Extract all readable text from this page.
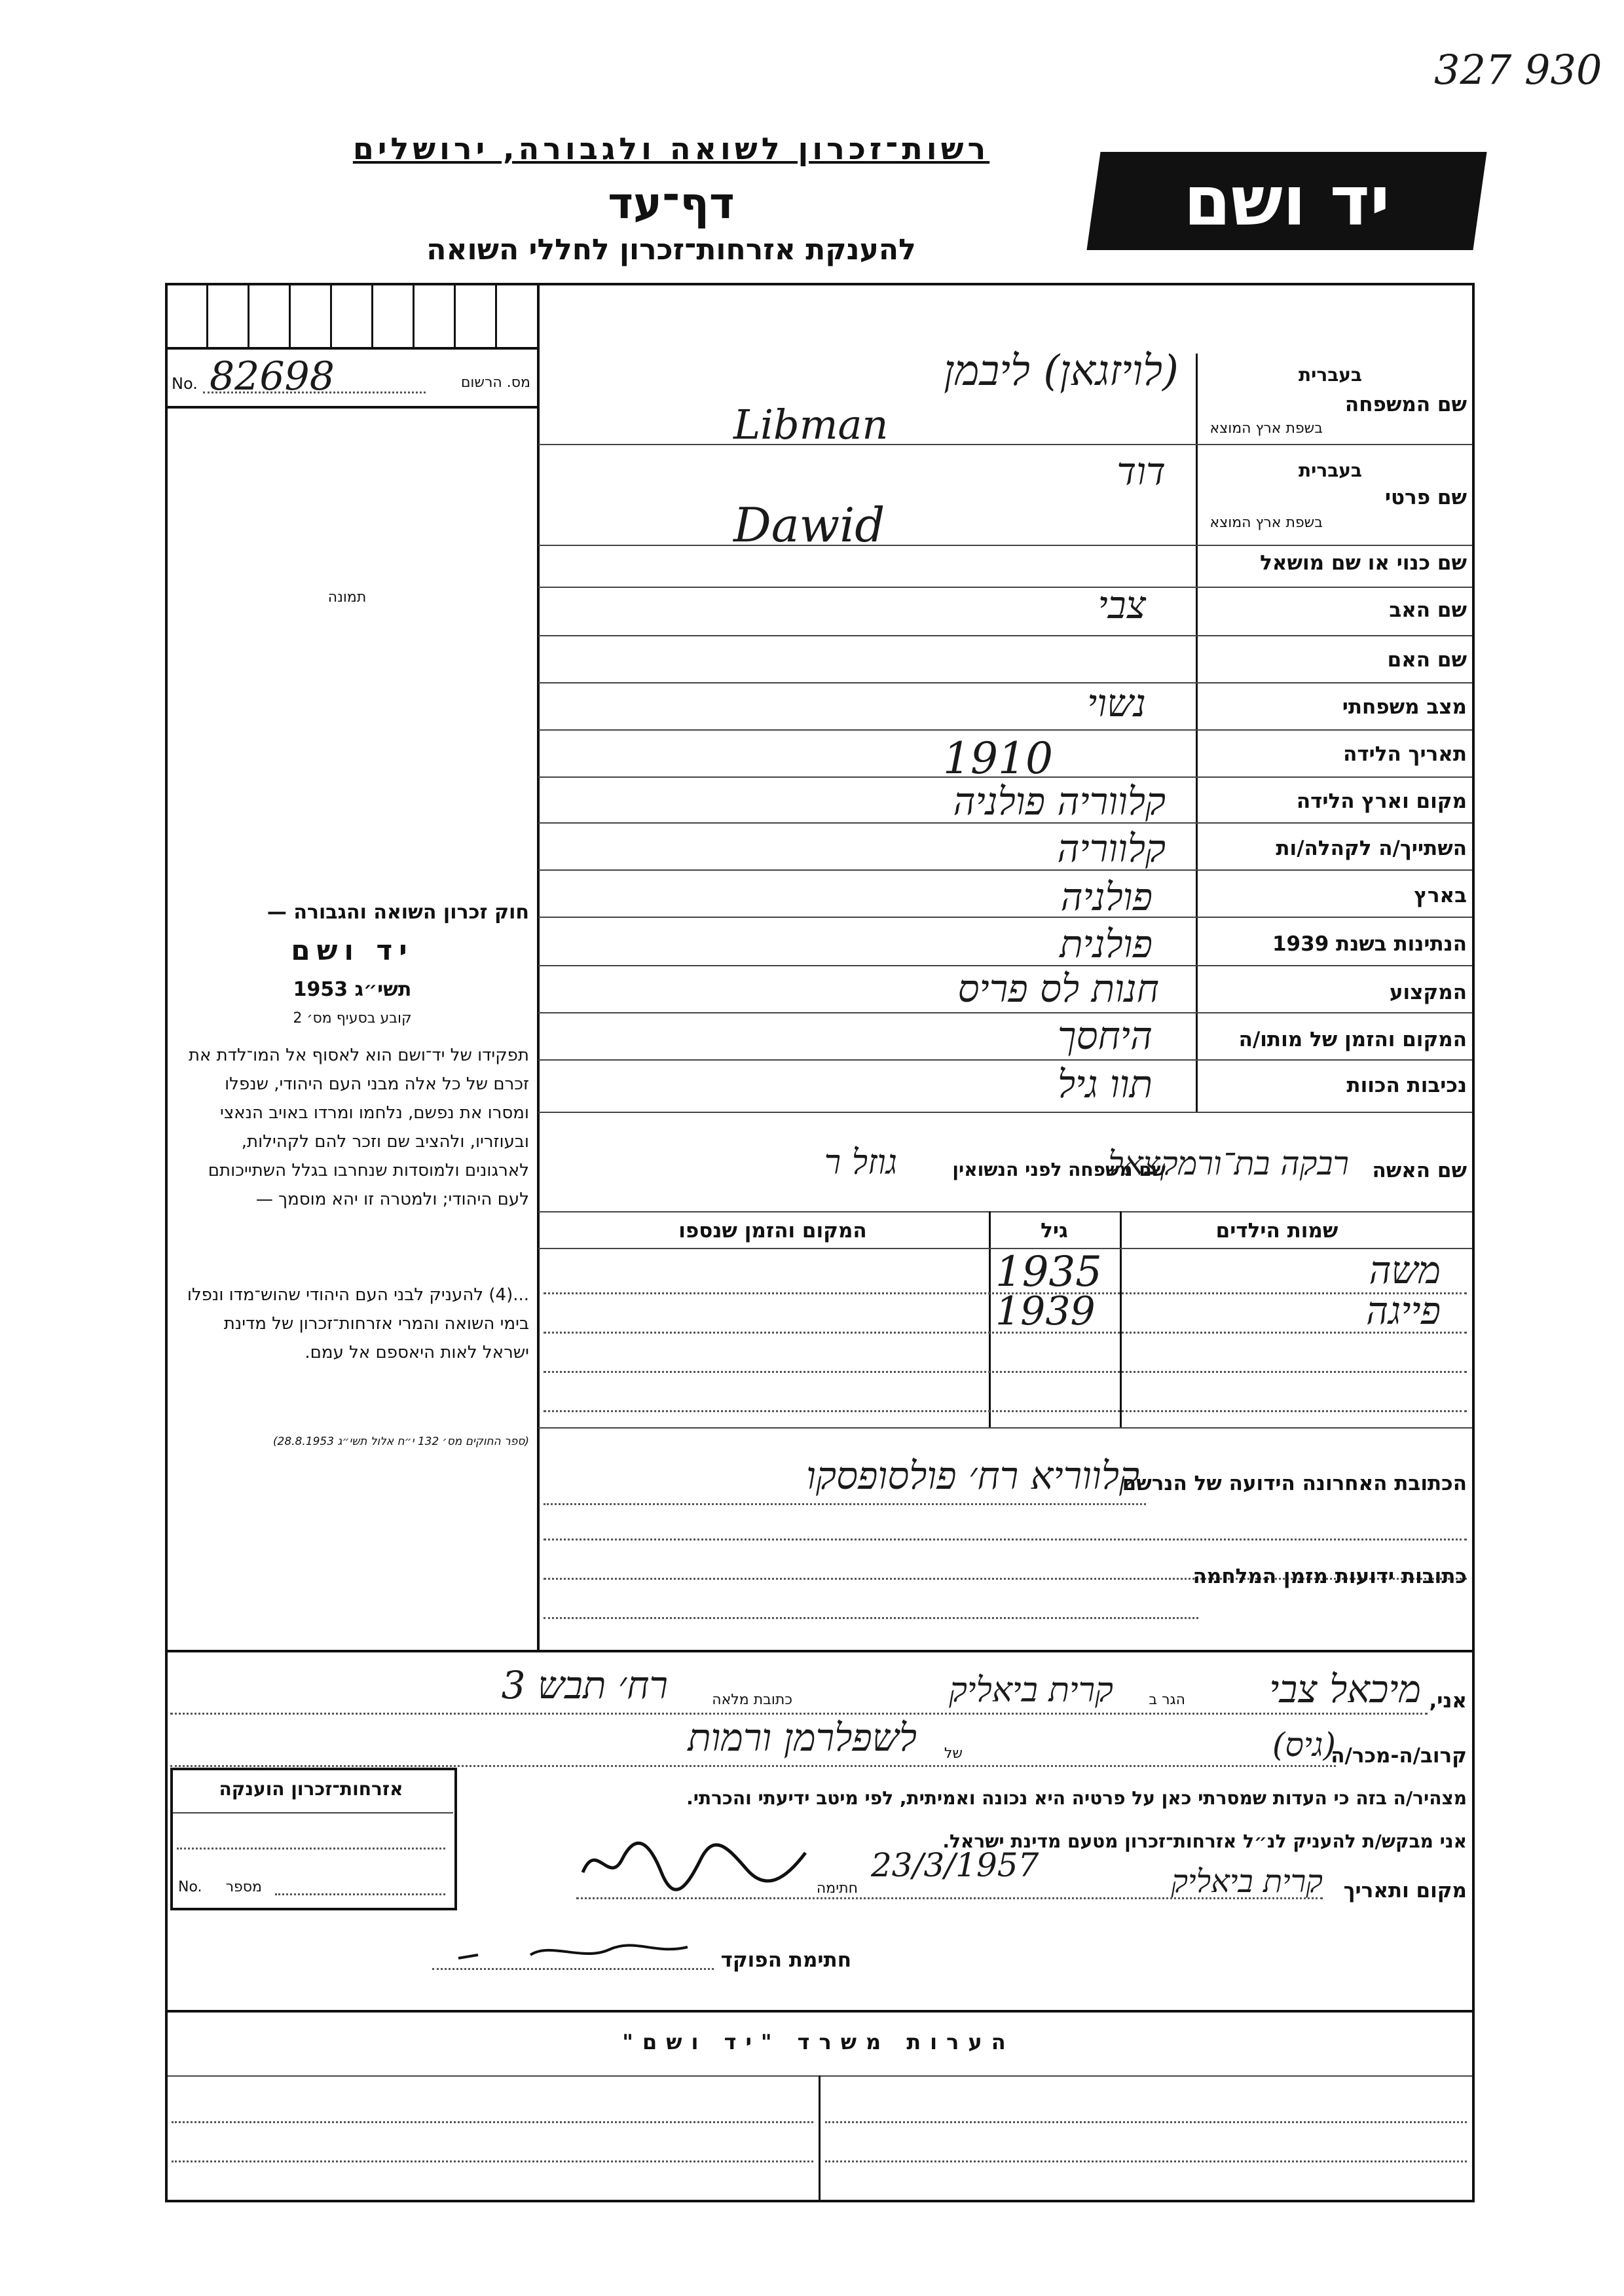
327 930
רשות־זכרון לשואה ולגבורה, ירושלים
דף־עד
להענקת אזרחות־זכרון לחללי השואה
יד ושם
No. 82698	מס. הרשום
תמונה
בעברית
שם המשפחה
בשפת ארץ המוצא
(לויזגאן) ליבמן
Libman
בעברית
שם פרטי
בשפת ארץ המוצא
דוד
Dawid
שם כנוי או שם מושאל
שם האב
צבי
שם האם
מצב משפחתי
נשוי
תאריך הלידה
1910
מקום וארץ הלידה
קלווריה פולניה
השתייך/ה לקהלה/ות
קלווריה
בארץ
פולניה
הנתינות בשנת 1939
פולנית
המקצוע
חנות לס פריס
המקום והזמן של מותו/ה
היחסך
נכיבות הכוות
תוו גיל
שם האשה
שם משפחה לפני הנשואין
רבקה בת־ורמקצאל
גוזל ר
שמות הילדים
גיל
המקום והזמן שנספו
משה
1935
פייגה
1939
חוק זכרון השואה והגבורה —
יד ושם
תשי״ג 1953
קובע בסעיף מס׳ 2
תפקידו של יד־ושם הוא לאסוף אל המו־לדת את זכרם של כל אלה מבני העם היהודי, שנפלו ומסרו את נפשם, נלחמו ומרדו באויב הנאצי ובעוזריו, ולהציב שם וזכר להם לקהילות, לארגונים ולמוסדות שנחרבו בגלל השתייכותם לעם היהודי; ולמטרה זו יהא מוסמך —
...(4) להעניק לבני העם היהודי שהוש־מדו ונפלו בימי השואה והמרי אזרחות־זכרון של מדינת ישראל לאות היאספם אל עמם.
(ספר החוקים מס׳ 132 י״ח אלול תשי״ג 28.8.1953)
הכתובת האחרונה הידועה של הנרשם
קלווריא רח׳ פולסופסקו
כתובות ידועות מזמן המלחמה
אני,
מיכאל צבי
הגר ב
קרית ביאליק
כתובת מלאה
רח׳ תבש 3
קרוב/ה-מכר/ה
(גיס)
של
לשפלרמן ורמות
מצהיר/ה בזה כי העדות שמסרתי כאן על פרטיה היא נכונה ואמיתית, לפי מיטב ידיעתי והכרתי.
אני מבקש/ת להעניק לנ״ל אזרחות־זכרון מטעם מדינת ישראל.
מקום ותאריך
קרית ביאליק
23/3/1957
חתימה
חתימת הפוקד
אזרחות־זכרון הוענקה
No.	מספר
הערות משרד "יד ושם"
